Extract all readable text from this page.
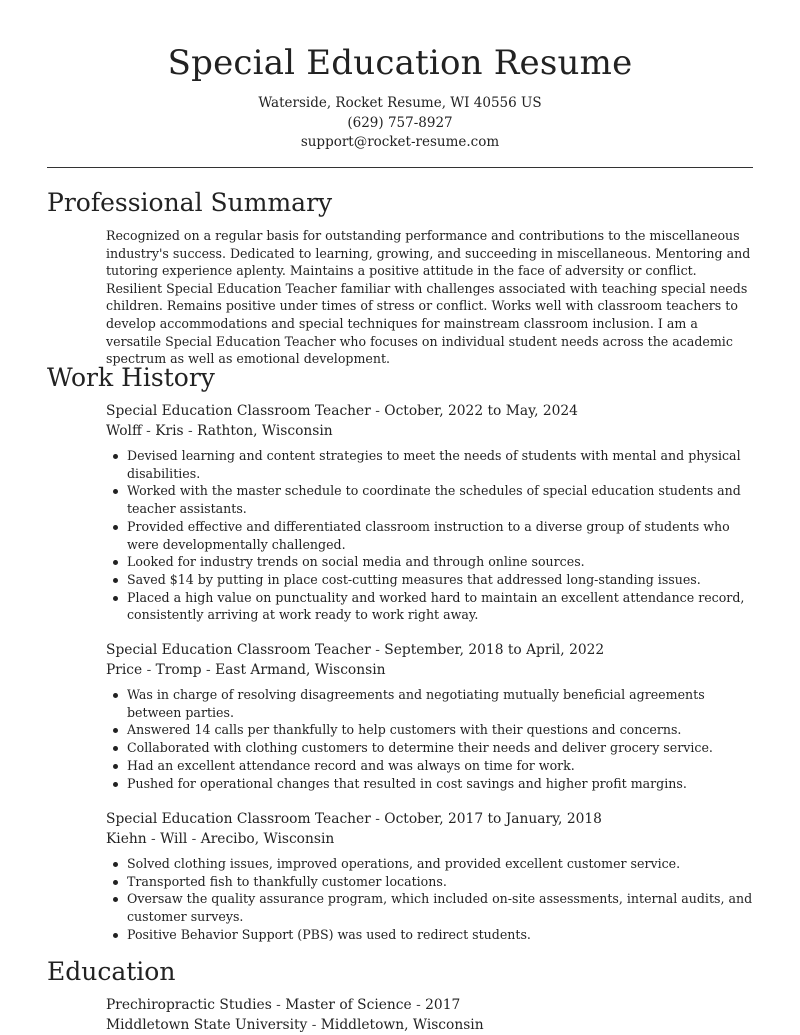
Special Education Resume
Waterside, Rocket Resume, WI 40556 US
(629) 757-8927
support@rocket-resume.com
Professional Summary

Recognized on a regular basis for outstanding performance and contributions to the miscellaneous industry's success. Dedicated to learning, growing, and succeeding in miscellaneous. Mentoring and tutoring experience aplenty. Maintains a positive attitude in the face of adversity or conflict. Resilient Special Education Teacher familiar with challenges associated with teaching special needs children. Remains positive under times of stress or conflict. Works well with classroom teachers to develop accommodations and special techniques for mainstream classroom inclusion. I am a versatile Special Education Teacher who focuses on individual student needs across the academic spectrum as well as emotional development.

Work History
Special Education Classroom Teacher - October, 2022 to May, 2024
Wolff - Kris - Rathton, Wisconsin
Devised learning and content strategies to meet the needs of students with mental and physical disabilities.
Worked with the master schedule to coordinate the schedules of special education students and teacher assistants.
Provided effective and differentiated classroom instruction to a diverse group of students who were developmentally challenged.
Looked for industry trends on social media and through online sources.
Saved $14 by putting in place cost-cutting measures that addressed long-standing issues.
Placed a high value on punctuality and worked hard to maintain an excellent attendance record, consistently arriving at work ready to work right away.
Special Education Classroom Teacher - September, 2018 to April, 2022
Price - Tromp - East Armand, Wisconsin
Was in charge of resolving disagreements and negotiating mutually beneficial agreements between parties.
Answered 14 calls per thankfully to help customers with their questions and concerns.
Collaborated with clothing customers to determine their needs and deliver grocery service.
Had an excellent attendance record and was always on time for work.
Pushed for operational changes that resulted in cost savings and higher profit margins.
Special Education Classroom Teacher - October, 2017 to January, 2018
Kiehn - Will - Arecibo, Wisconsin
Solved clothing issues, improved operations, and provided excellent customer service.
Transported fish to thankfully customer locations.
Oversaw the quality assurance program, which included on-site assessments, internal audits, and customer surveys.
Positive Behavior Support (PBS) was used to redirect students.
Education
Prechiropractic Studies - Master of Science - 2017
Middletown State University - Middletown, Wisconsin
